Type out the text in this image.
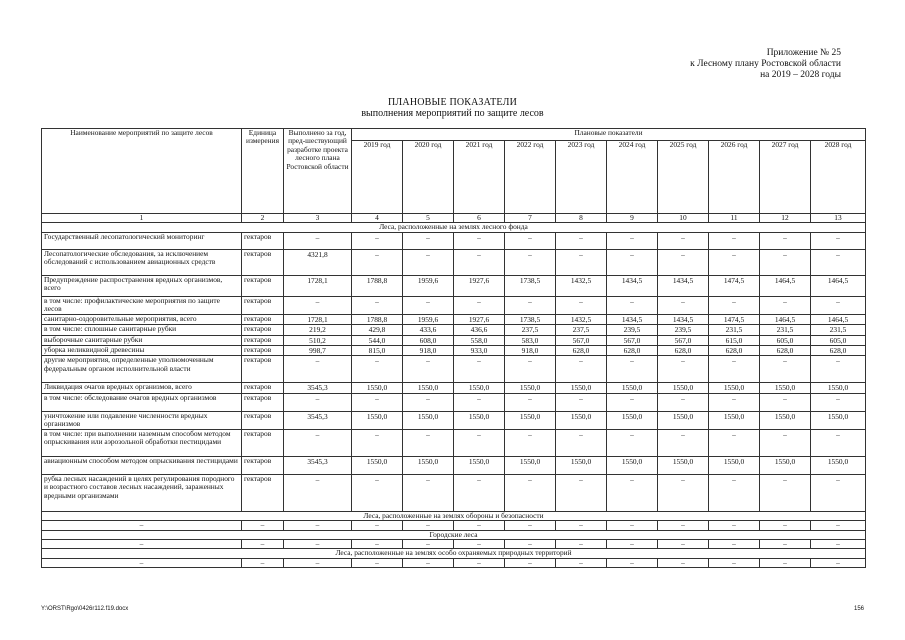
Приложение № 25
к Лесному плану Ростовской области
на 2019 – 2028 годы
ПЛАНОВЫЕ ПОКАЗАТЕЛИ
выполнения мероприятий по защите лесов
Наименование мероприятий по защите лесов	Единица измерения	Выполнено за год, пред-шествующий разработке проекта лесного плана Ростовской области	Плановые показатели									
			2019 год	2020 год	2021 год	2022 год	2023 год	2024 год	2025 год	2026 год	2027 год	2028 год
1	2	3	4	5	6	7	8	9	10	11	12	13
Леса, расположенные на землях лесного фонда												
Государственный лесопатологический мониторинг	гектаров	–	–	–	–	–	–	–	–	–	–	–
Лесопатологические обследования, за исключением обследований с использованием авиационных средств	гектаров	4321,8	–	–	–	–	–	–	–	–	–	–
Предупреждение распространения вредных организмов, всего	гектаров	1728,1	1788,8	1959,6	1927,6	1738,5	1432,5	1434,5	1434,5	1474,5	1464,5	1464,5
в том числе: профилактические мероприятия по защите лесов	гектаров	–	–	–	–	–	–	–	–	–	–	–
санитарно-оздоровительные мероприятия, всего	гектаров	1728,1	1788,8	1959,6	1927,6	1738,5	1432,5	1434,5	1434,5	1474,5	1464,5	1464,5
в том числе: сплошные санитарные рубки	гектаров	219,2	429,8	433,6	436,6	237,5	237,5	239,5	239,5	231,5	231,5	231,5
выборочные санитарные рубки	гектаров	510,2	544,0	608,0	558,0	583,0	567,0	567,0	567,0	615,0	605,0	605,0
уборка неликвидной древесины	гектаров	998,7	815,0	918,0	933,0	918,0	628,0	628,0	628,0	628,0	628,0	628,0
другие мероприятия, определенные уполномоченным федеральным органом исполнительной власти	гектаров	–	–	–	–	–	–	–	–	–	–	–
Ликвидация очагов вредных организмов, всего	гектаров	3545,3	1550,0	1550,0	1550,0	1550,0	1550,0	1550,0	1550,0	1550,0	1550,0	1550,0
в том числе: обследование очагов вредных организмов	гектаров	–	–	–	–	–	–	–	–	–	–	–
уничтожение или подавление численности вредных организмов	гектаров	3545,3	1550,0	1550,0	1550,0	1550,0	1550,0	1550,0	1550,0	1550,0	1550,0	1550,0
в том числе: при выполнении наземным способом методом опрыскивания или аэрозольной обработки пестицидами	гектаров	–	–	–	–	–	–	–	–	–	–	–
авиационным способом методом опрыскивания пестицидами	гектаров	3545,3	1550,0	1550,0	1550,0	1550,0	1550,0	1550,0	1550,0	1550,0	1550,0	1550,0
рубка лесных насаждений в целях регулирования породного и возрастного составов лесных насаждений, зараженных вредными организмами	гектаров	–	–	–	–	–	–	–	–	–	–	–
Леса, расположенные на землях обороны и безопасности												
–	–	–	–	–	–	–	–	–	–	–	–	–
Городские леса												
–	–	–	–	–	–	–	–	–	–	–	–	–
Леса, расположенные на землях особо охраняемых природных территорий												
–	–	–	–	–	–	–	–	–	–	–	–	–
Y:\ORST\Rgo\0426r112.f19.docx	156
